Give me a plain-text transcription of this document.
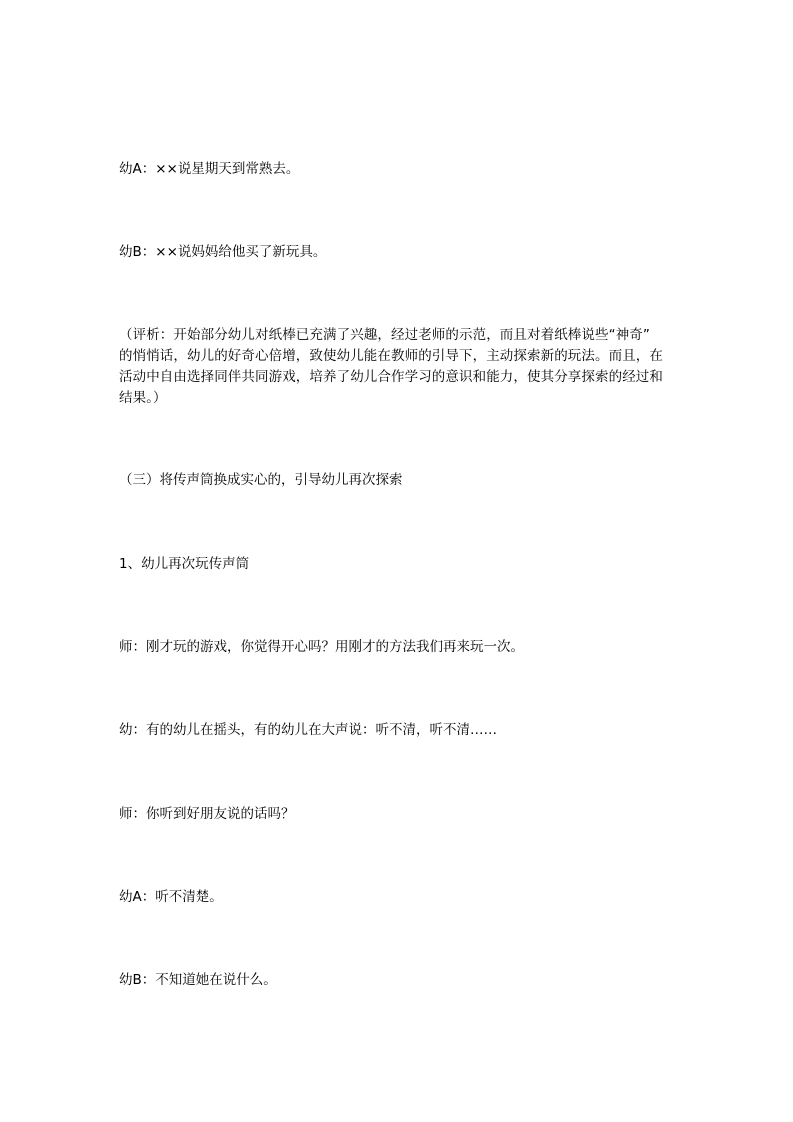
幼A：××说星期天到常熟去。

幼B：××说妈妈给他买了新玩具。

（评析：开始部分幼儿对纸棒已充满了兴趣，经过老师的示范，而且对着纸棒说些“神奇”
的悄悄话，幼儿的好奇心倍增，致使幼儿能在教师的引导下，主动探索新的玩法。而且，在
活动中自由选择同伴共同游戏，培养了幼儿合作学习的意识和能力，使其分享探索的经过和
结果。）

（三）将传声筒换成实心的，引导幼儿再次探索

1、幼儿再次玩传声筒

师：刚才玩的游戏，你觉得开心吗？用刚才的方法我们再来玩一次。

幼：有的幼儿在摇头，有的幼儿在大声说：听不清，听不清……

师：你听到好朋友说的话吗？

幼A：听不清楚。

幼B：不知道她在说什么。
